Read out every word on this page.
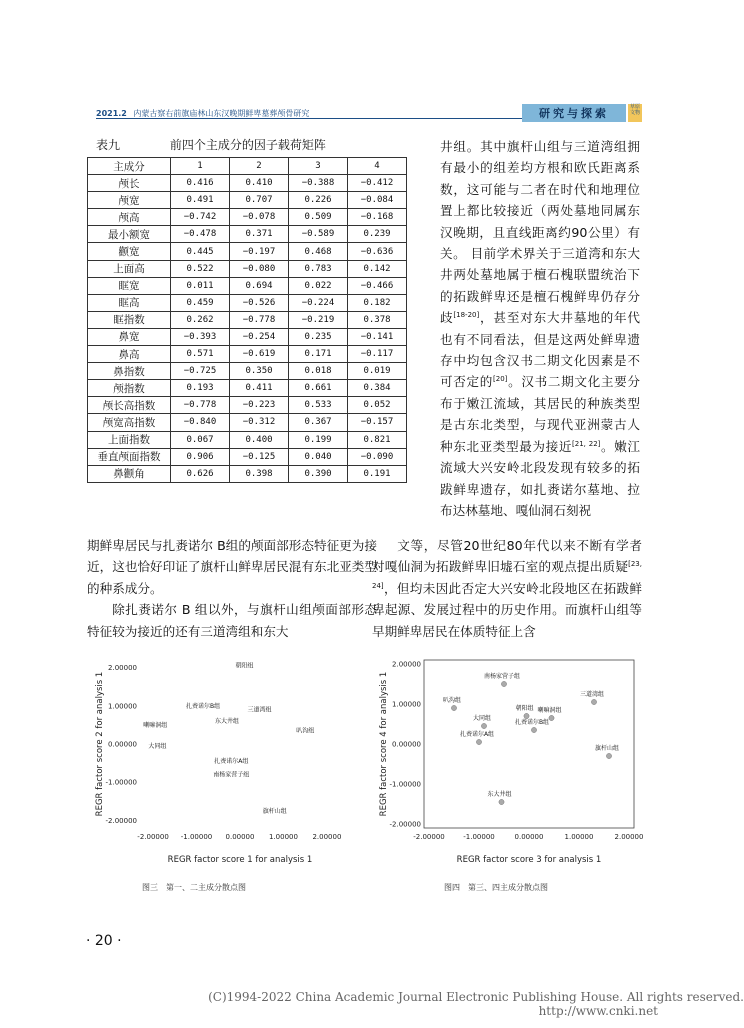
2021.2 内蒙古察右前旗庙林山东汉晚期鲜卑墓葬颅骨研究	研究与探索	草原文物
表九	前四个主成分的因子载荷矩阵
主成分	1	2	3	4
颅长	0.416	0.410	−0.388	−0.412
颅宽	0.491	0.707	0.226	−0.084
颅高	−0.742	−0.078	0.509	−0.168
最小额宽	−0.478	0.371	−0.589	0.239
颧宽	0.445	−0.197	0.468	−0.636
上面高	0.522	−0.080	0.783	0.142
眶宽	0.011	0.694	0.022	−0.466
眶高	0.459	−0.526	−0.224	0.182
眶指数	0.262	−0.778	−0.219	0.378
鼻宽	−0.393	−0.254	0.235	−0.141
鼻高	0.571	−0.619	0.171	−0.117
鼻指数	−0.725	0.350	0.018	0.019
颅指数	0.193	0.411	0.661	0.384
颅长高指数	−0.778	−0.223	0.533	0.052
颅宽高指数	−0.840	−0.312	0.367	−0.157
上面指数	0.067	0.400	0.199	0.821
垂直颅面指数	0.906	−0.125	0.040	−0.090
鼻颧角	0.626	0.398	0.390	0.191

井组。其中旗杆山组与三道湾组拥有最小的组差均方根和欧氏距离系数，这可能与二者在时代和地理位置上都比较接近（两处墓地同属东汉晚期，且直线距离约90公里）有关。 目前学术界关于三道湾和东大井两处墓地属于檀石槐联盟统治下的拓跋鲜卑还是檀石槐鲜卑仍存分歧[18-20]，甚至对东大井墓地的年代也有不同看法，但是这两处鲜卑遗存中均包含汉书二期文化因素是不可否定的[20]。汉书二期文化主要分布于嫩江流域，其居民的种族类型是古东北类型，与现代亚洲蒙古人种东北亚类型最为接近[21, 22]。嫩江流域大兴安岭北段发现有较多的拓跋鲜卑遗存，如扎赉诺尔墓地、拉布达林墓地、嘎仙洞石刻祝

期鲜卑居民与扎赉诺尔 B组的颅面部形态特征更为接近，这也恰好印证了旗杆山鲜卑居民混有东北亚类型的种系成分。

除扎赉诺尔 B 组以外，与旗杆山组颅面部形态特征较为接近的还有三道湾组和东大

文等，尽管20世纪80年代以来不断有学者对嘎仙洞为拓跋鲜卑旧墟石室的观点提出质疑[23, 24]，但均未因此否定大兴安岭北段地区在拓跋鲜卑起源、发展过程中的历史作用。而旗杆山组等早期鲜卑居民在体质特征上含

-2.00000 -1.00000 0.00000 1.00000 2.00000
2.00000
1.00000
0.00000
-1.00000
-2.00000
REGR factor score 1 for analysis 1
REGR factor score 2 for analysis 1
朝阳组
扎赉诺尔B组
三道湾组
东大井组
喇嘛洞组
叭沟组
扎赉诺尔A组
大同组
南杨家营子组
旗杆山组
图三　第一、二主成分散点图
-2.00000	-1.00000	0.00000	1.00000	2.00000
2.00000
1.00000
0.00000
-1.00000
-2.00000
REGR factor score 3 for analysis 1
REGR factor score 4 for analysis 1	南杨家营子组
三道湾组
叭沟组
朝阳组 喇嘛洞组
大同组
扎赉诺尔B组
扎赉诺尔A组
旗杆山组
东大井组
图四　第三、四主成分散点图
· 20 ·
(C)1994-2022 China Academic Journal Electronic Publishing House. All rights reserved. http://www.cnki.net
